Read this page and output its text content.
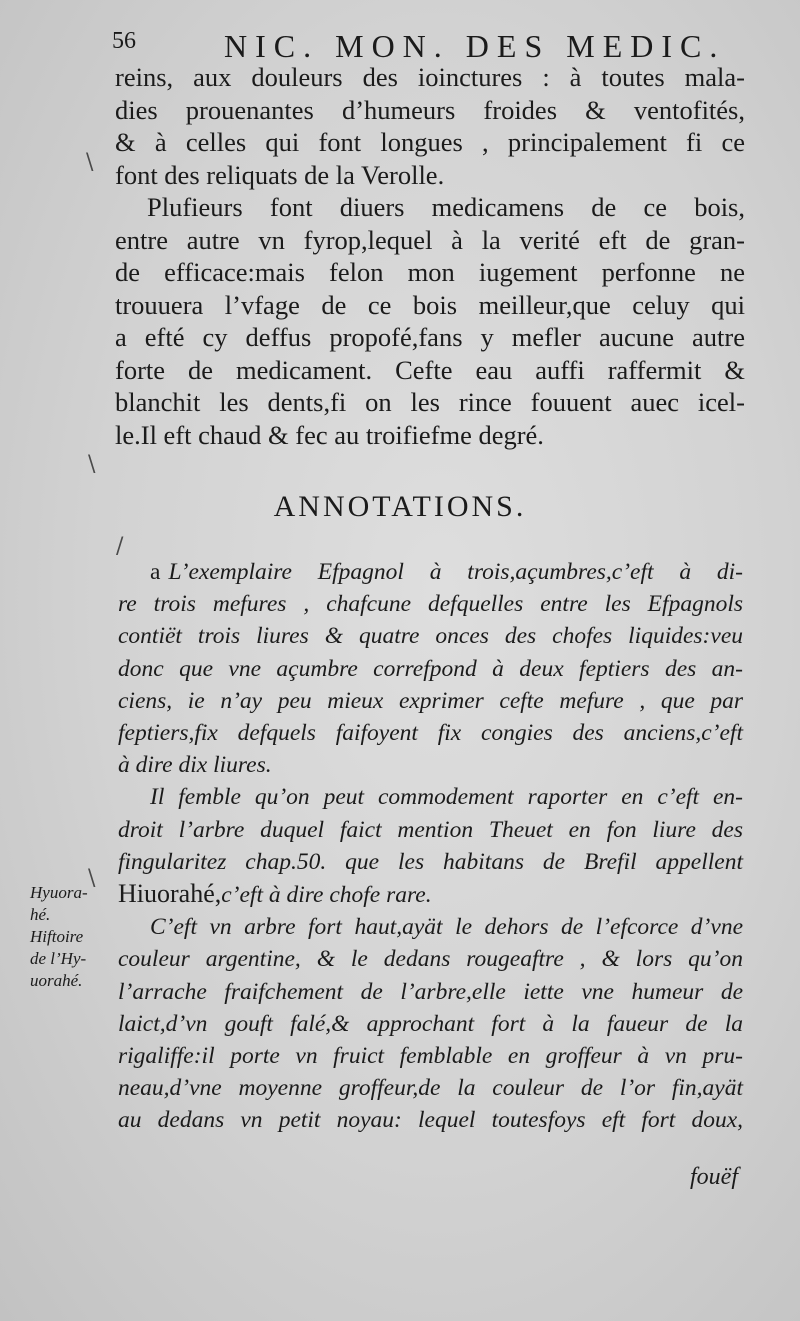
56	NIC. MON. DES MEDIC.
reins, aux douleurs des ioinctures : à toutes mala-
dies prouenantes d’humeurs froides & ventofités,
& à celles qui font longues , principalement fi ce
font des reliquats de la Verolle.
Plufieurs font diuers medicamens de ce bois,
entre autre vn fyrop,lequel à la verité eft de gran-
de efficace:mais felon mon iugement perfonne ne
trouuera l’vfage de ce bois meilleur,que celuy qui
a efté cy deffus propofé,fans y mefler aucune autre
forte de medicament. Cefte eau auffi raffermit &
blanchit les dents,fi on les rince fouuent auec icel-
le.Il eft chaud & fec au troifiefme degré.
ANNOTATIONS.
a L’exemplaire Efpagnol à trois,açumbres,c’eft à di-
re trois mefures , chafcune defquelles entre les Efpagnols
contiët trois liures & quatre onces des chofes liquides:veu
donc que vne açumbre correfpond à deux feptiers des an-
ciens, ie n’ay peu mieux exprimer cefte mefure , que par
feptiers,fix defquels faifoyent fix congies des anciens,c’eft
à dire dix liures.
Il femble qu’on peut commodement raporter en c’eft en-
droit l’arbre duquel faict mention Theuet en fon liure des
fingularitez chap.50. que les habitans de Brefil appellent
Hiuorahé,c’eft à dire chofe rare.
C’eft vn arbre fort haut,ayät le dehors de l’efcorce d’vne
couleur argentine, & le dedans rougeaftre , & lors qu’on
l’arrache fraifchement de l’arbre,elle iette vne humeur de
laict,d’vn gouft falé,& approchant fort à la faueur de la
rigaliffe:il porte vn fruict femblable en groffeur à vn pru-
neau,d’vne moyenne groffeur,de la couleur de l’or fin,ayät
au dedans vn petit noyau: lequel toutesfoys eft fort doux,
Hyuora-
hé.
Hiftoire
de l’Hy-
uorahé.
\
\
\
/
fouëf
